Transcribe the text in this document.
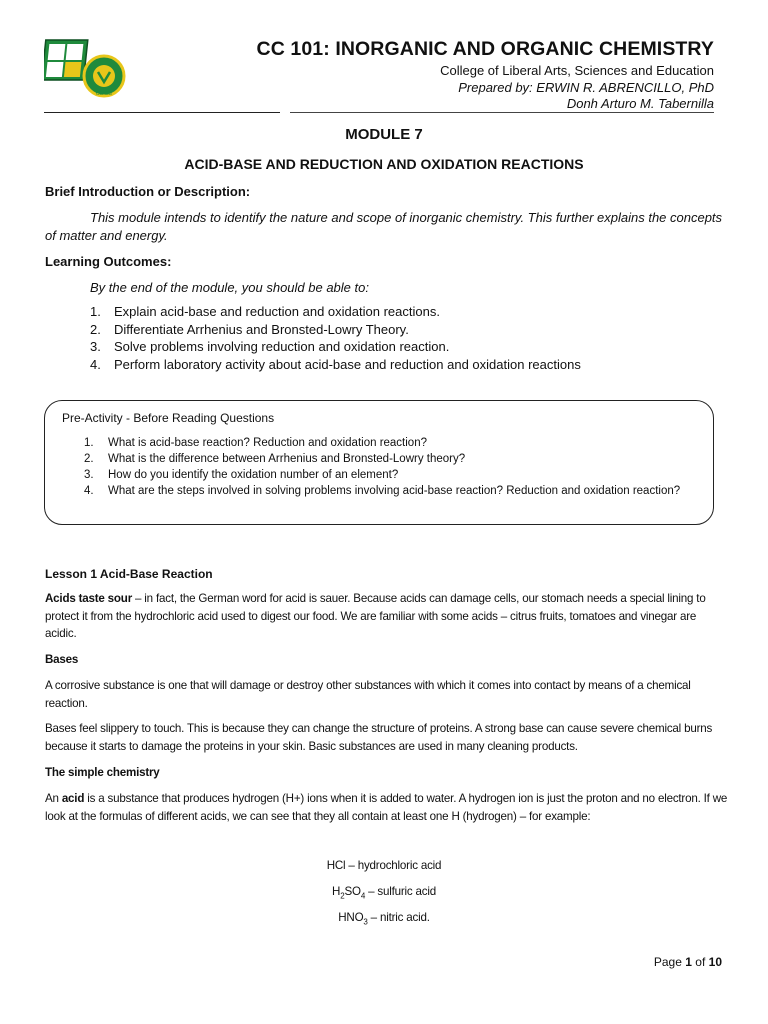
CLASE
CC 101: INORGANIC AND ORGANIC CHEMISTRY
College of Liberal Arts, Sciences and Education
Prepared by: ERWIN R. ABRENCILLO, PhD
Donh Arturo M. Tabernilla
MODULE 7
ACID-BASE AND REDUCTION AND OXIDATION REACTIONS
Brief Introduction or Description:
This module intends to identify the nature and scope of inorganic chemistry. This further explains the concepts of matter and energy.
Learning Outcomes:
By the end of the module, you should be able to:
1. Explain acid-base and reduction and oxidation reactions.
2. Differentiate Arrhenius and Bronsted-Lowry Theory.
3. Solve problems involving reduction and oxidation reaction.
4. Perform laboratory activity about acid-base and reduction and oxidation reactions
Pre-Activity - Before Reading Questions
1.	What is acid-base reaction? Reduction and oxidation reaction?
2.	What is the difference between Arrhenius and Bronsted-Lowry theory?
3.	How do you identify the oxidation number of an element?
4.	What are the steps involved in solving problems involving acid-base reaction? Reduction and oxidation reaction?
Lesson 1 Acid-Base Reaction
Acids taste sour – in fact, the German word for acid is sauer. Because acids can damage cells, our stomach needs a special lining to protect it from the hydrochloric acid used to digest our food. We are familiar with some acids – citrus fruits, tomatoes and vinegar are acidic.
Bases
A corrosive substance is one that will damage or destroy other substances with which it comes into contact by means of a chemical reaction.
Bases feel slippery to touch. This is because they can change the structure of proteins. A strong base can cause severe chemical burns because it starts to damage the proteins in your skin. Basic substances are used in many cleaning products.
The simple chemistry
An acid is a substance that produces hydrogen (H+) ions when it is added to water. A hydrogen ion is just the proton and no electron. If we look at the formulas of different acids, we can see that they all contain at least one H (hydrogen) – for example:
HCl – hydrochloric acid
$H_2SO_4$ – sulfuric acid
$HNO_3$ – nitric acid.
Page 1 of 10
